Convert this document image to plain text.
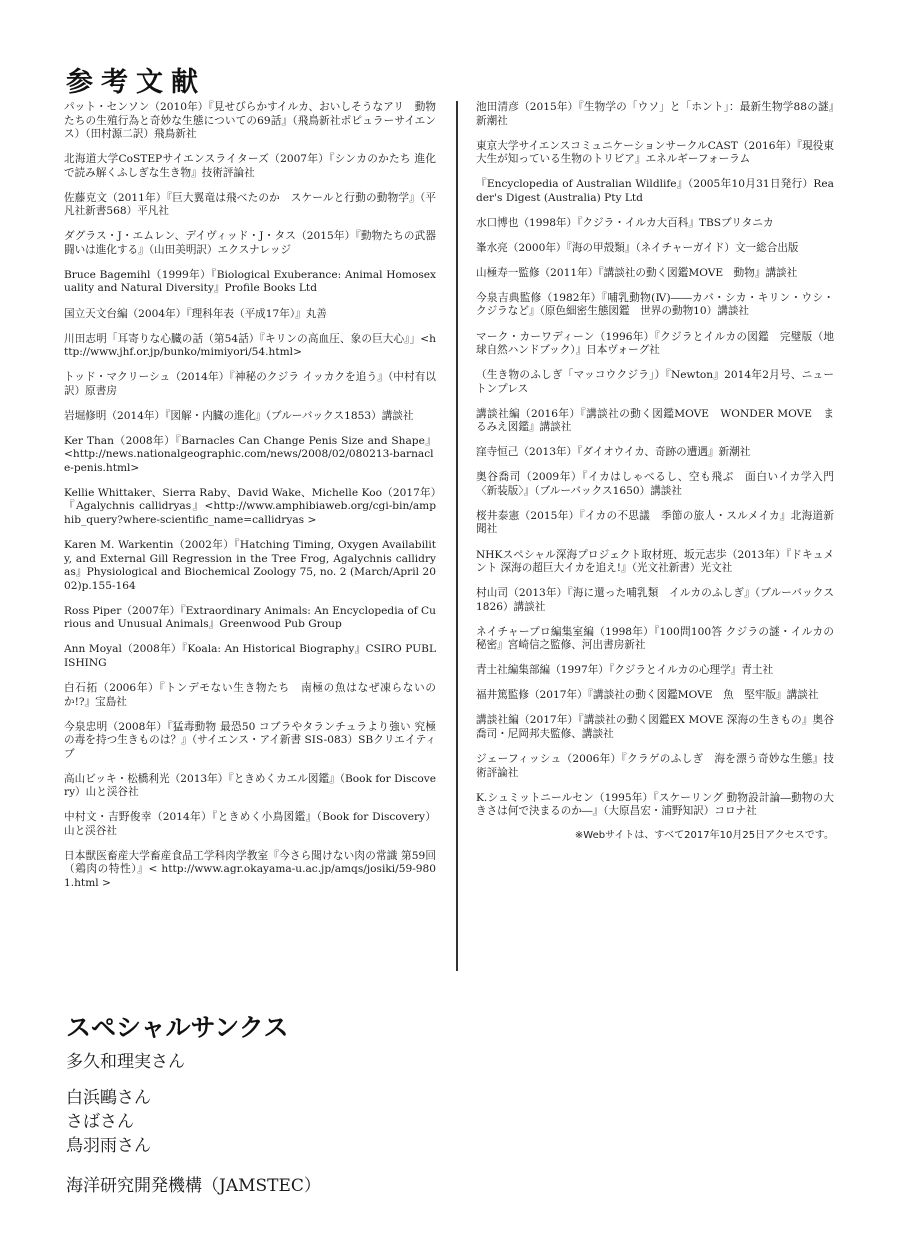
参考文献

パット・センソン（2010年）『見せびらかすイルカ、おいしそうなアリ　動物たちの生殖行為と奇妙な生態についての69話』（飛鳥新社ポピュラーサイエンス）（田村源二訳）飛鳥新社

北海道大学CoSTEPサイエンスライターズ（2007年）『シンカのかたち 進化で読み解くふしぎな生き物』技術評論社

佐藤克文（2011年）『巨大翼竜は飛べたのか　スケールと行動の動物学』（平凡社新書568）平凡社

ダグラス・J・エムレン、デイヴィッド・J・タス（2015年）『動物たちの武器　闘いは進化する』（山田美明訳）エクスナレッジ

Bruce Bagemihl（1999年）『Biological Exuberance: Animal Homosexuality and Natural Diversity』Profile Books Ltd

国立天文台編（2004年）『理科年表（平成17年）』丸善

川田志明「耳寄りな心臓の話（第54話）『キリンの高血圧、象の巨大心』」<http://www.jhf.or.jp/bunko/mimiyori/54.html>

トッド・マクリーシュ（2014年）『神秘のクジラ イッカクを追う』（中村有以訳）原書房

岩堀修明（2014年）『図解・内臓の進化』（ブルーバックス1853）講談社

Ker Than（2008年）『Barnacles Can Change Penis Size and Shape』<http://news.nationalgeographic.com/news/2008/02/080213-barnacle-penis.html>

Kellie Whittaker、Sierra Raby、David Wake、Michelle Koo（2017年）『Agalychnis callidryas』<http://www.amphibiaweb.org/cgi-bin/amphib_query?where-scientific_name=callidryas >

Karen M. Warkentin（2002年）『Hatching Timing, Oxygen Availability, and External Gill Regression in the Tree Frog, Agalychnis callidryas』Physiological and Biochemical Zoology 75, no. 2 (March/April 2002)p.155-164

Ross Piper（2007年）『Extraordinary Animals: An Encyclopedia of Curious and Unusual Animals』Greenwood Pub Group

Ann Moyal（2008年）『Koala: An Historical Biography』CSIRO PUBLISHING

白石拓（2006年）『トンデモない生き物たち　南極の魚はなぜ凍らないのか!?』宝島社

今泉忠明（2008年）『猛毒動物 最恐50 コブラやタランチュラより強い 究極の毒を持つ生きものは？』（サイエンス・アイ新書 SIS-083）SBクリエイティブ

高山ビッキ・松橋利光（2013年）『ときめくカエル図鑑』（Book for Discovery）山と渓谷社

中村文・吉野俊幸（2014年）『ときめく小鳥図鑑』（Book for Discovery）山と渓谷社

日本獣医畜産大学畜産食品工学科肉学教室『今さら聞けない肉の常識 第59回（鶏肉の特性）』< http://www.agr.okayama-u.ac.jp/amqs/josiki/59-9801.html >

池田清彦（2015年）『生物学の「ウソ」と「ホント」：最新生物学88の謎』新潮社

東京大学サイエンスコミュニケーションサークルCAST（2016年）『現役東大生が知っている生物のトリビア』エネルギーフォーラム

『Encyclopedia of Australian Wildlife』（2005年10月31日発行）Reader's Digest (Australia) Pty Ltd

水口博也（1998年）『クジラ・イルカ大百科』TBSブリタニカ

峯水亮（2000年）『海の甲殻類』（ネイチャーガイド）文一総合出版

山極寿一監修（2011年）『講談社の動く図鑑MOVE　動物』講談社

今泉吉典監修（1982年）『哺乳動物(Ⅳ)――カバ・シカ・キリン・ウシ・クジラなど』（原色細密生態図鑑　世界の動物10）講談社

マーク・カーワディーン（1996年）『クジラとイルカの図鑑　完璧版（地球自然ハンドブック）』日本ヴォーグ社

（生き物のふしぎ「マッコウクジラ」）『Newton』2014年2月号、ニュートンプレス

講談社編（2016年）『講談社の動く図鑑MOVE　WONDER MOVE　まるみえ図鑑』講談社

窪寺恒己（2013年）『ダイオウイカ、奇跡の遭遇』新潮社

奥谷喬司（2009年）『イカはしゃべるし、空も飛ぶ　面白いイカ学入門〈新装版〉』（ブルーバックス1650）講談社

桜井泰憲（2015年）『イカの不思議　季節の旅人・スルメイカ』北海道新聞社

NHKスペシャル深海プロジェクト取材班、坂元志歩（2013年）『ドキュメント 深海の超巨大イカを追え!』（光文社新書）光文社

村山司（2013年）『海に還った哺乳類　イルカのふしぎ』（ブルーバックス1826）講談社

ネイチャープロ編集室編（1998年）『100問100答 クジラの謎・イルカの秘密』宮崎信之監修、河出書房新社

青土社編集部編（1997年）『クジラとイルカの心理学』青土社

福井篤監修（2017年）『講談社の動く図鑑MOVE　魚　堅牢版』講談社

講談社編（2017年）『講談社の動く図鑑EX MOVE 深海の生きもの』奥谷喬司・尼岡邦夫監修、講談社

ジェーフィッシュ（2006年）『クラゲのふしぎ　海を漂う奇妙な生態』技術評論社

K.シュミットニールセン（1995年）『スケーリング 動物設計論―動物の大きさは何で決まるのか―』（大原昌宏・浦野知訳）コロナ社

※Webサイトは、すべて2017年10月25日アクセスです。
スペシャルサンクス
多久和理実さん
白浜鷗さん
さばさん
鳥羽雨さん
海洋研究開発機構（JAMSTEC）
